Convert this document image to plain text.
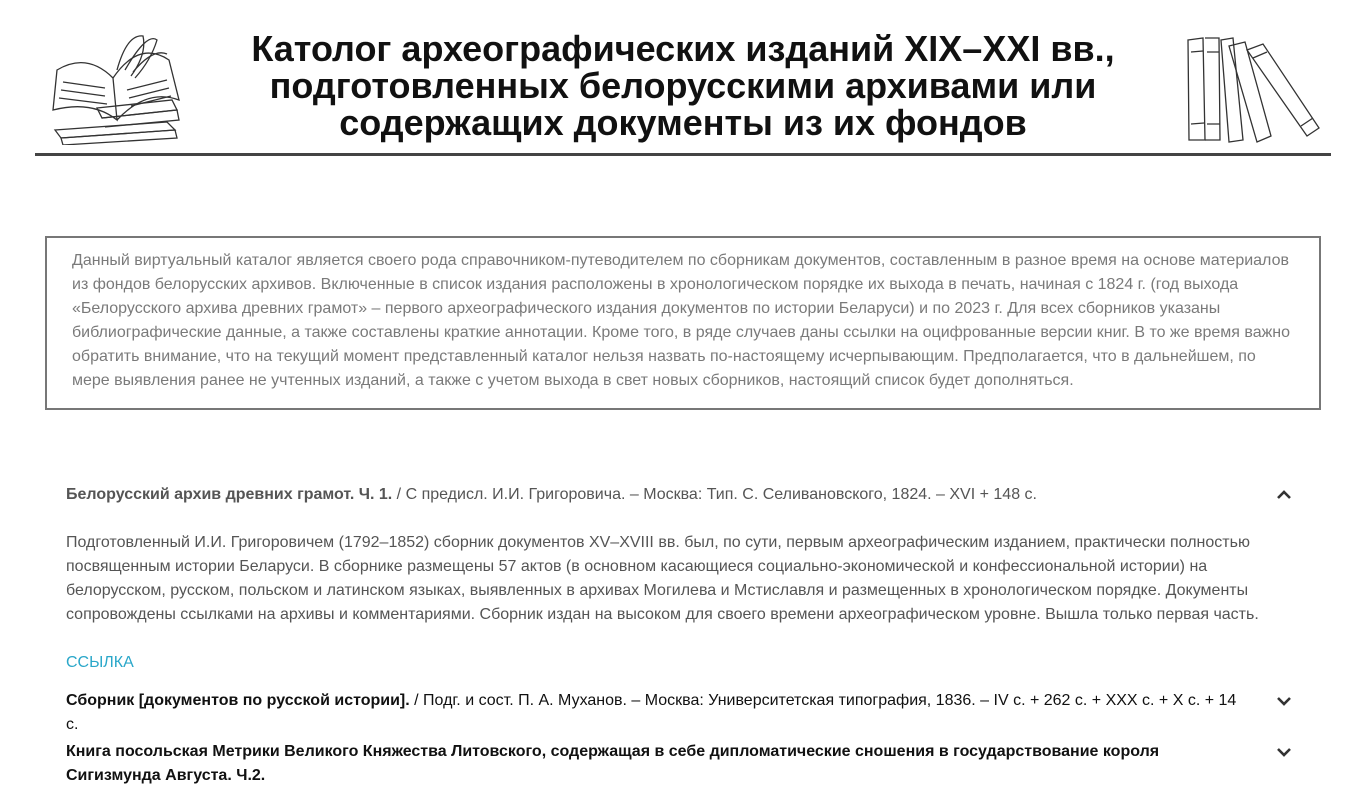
Католог археографических изданий XIX–XXI вв., подготовленных белорусскими архивами или содержащих документы из их фондов
Данный виртуальный каталог является своего рода справочником-путеводителем по сборникам документов, составленным в разное время на основе материалов из фондов белорусских архивов. Включенные в список издания расположены в хронологическом порядке их выхода в печать, начиная с 1824 г. (год выхода «Белорусского архива древних грамот» – первого археографического издания документов по истории Беларуси) и по 2023 г. Для всех сборников указаны библиографические данные, а также составлены краткие аннотации. Кроме того, в ряде случаев даны ссылки на оцифрованные версии книг. В то же время важно обратить внимание, что на текущий момент представленный каталог нельзя назвать по-настоящему исчерпывающим. Предполагается, что в дальнейшем, по мере выявления ранее не учтенных изданий, а также с учетом выхода в свет новых сборников, настоящий список будет дополняться.
Белорусский архив древних грамот. Ч. 1. / С предисл. И.И. Григоровича. – Москва: Тип. С. Селивановского, 1824. – XVI + 148 с.
Подготовленный И.И. Григоровичем (1792–1852) сборник документов XV–XVIII вв. был, по сути, первым археографическим изданием, практически полностью посвященным истории Беларуси. В сборнике размещены 57 актов (в основном касающиеся социально-экономической и конфессиональной истории) на белорусском, русском, польском и латинском языках, выявленных в архивах Могилева и Мстиславля и размещенных в хронологическом порядке. Документы сопровождены ссылками на архивы и комментариями. Сборник издан на высоком для своего времени археографическом уровне. Вышла только первая часть.
ССЫЛКА
Сборник [документов по русской истории]. / Подг. и сост. П. А. Муханов. – Москва: Университетская типография, 1836. – IV с. + 262 с. + XXX с. + X с. + 14 с.
Книга посольская Метрики Великого Княжества Литовского, содержащая в себе дипломатические сношения в государствование короля Сигизмунда Августа. Ч.2.
